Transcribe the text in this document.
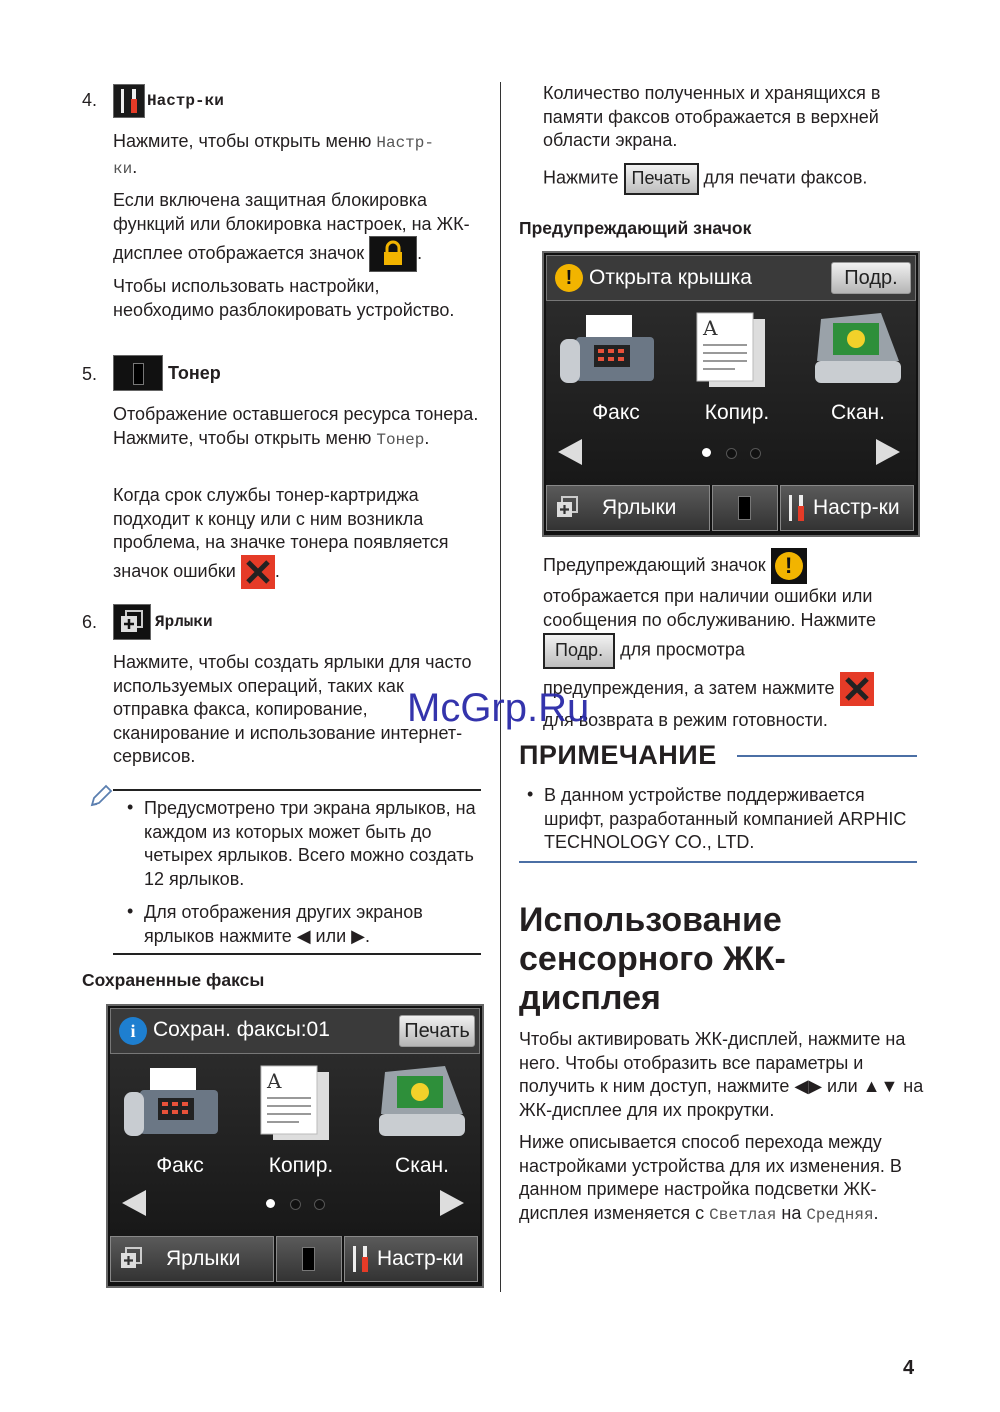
4.	Настр-ки
Нажмите, чтобы открыть меню Настр-
ки.
Если включена защитная блокировка функций или блокировка настроек, на ЖК-дисплее отображается значок	.
Чтобы использовать настройки, необходимо разблокировать устройство.
5.	Тонер
Отображение оставшегося ресурса тонера. Нажмите, чтобы открыть меню Тонер.
Когда срок службы тонер-картриджа подходит к концу или с ним возникла проблема, на значке тонера появляется значок ошибки .
6.	Ярлыки
Нажмите, чтобы создать ярлыки для часто используемых операций, таких как отправка факса, копирование, сканирование и использование интернет-сервисов.
• Предусмотрено три экрана ярлыков, на каждом из которых может быть до четырех ярлыков. Всего можно создать 12 ярлыков.
• Для отображения других экранов ярлыков нажмите ◀ или ▶.
Сохраненные факсы
i Сохран. факсы:01	Печать
A
Факс	Копир.	Скан.
Ярлыки	Настр-ки
Количество полученных и хранящихся в памяти факсов отображается в верхней области экрана.
Нажмите Печать для печати факсов.
Предупреждающий значок
! Открыта крышка	Подр.
A
Факс	Копир.	Скан.
Ярлыки	Настр-ки
Предупреждающий значок !
отображается при наличии ошибки или сообщения по обслуживанию. Нажмите
Подр. для просмотра
предупреждения, а затем нажмите
для возврата в режим готовности.
ПРИМЕЧАНИЕ
• В данном устройстве поддерживается шрифт, разработанный компанией ARPHIC TECHNOLOGY CO., LTD.
Использование сенсорного ЖК-дисплея
Чтобы активировать ЖК-дисплей, нажмите на него. Чтобы отобразить все параметры и получить к ним доступ, нажмите ◀▶ или ▲▼ на ЖК-дисплее для их прокрутки.
Ниже описывается способ перехода между настройками устройства для их изменения. В данном примере настройка подсветки ЖК-дисплея изменяется с Светлая на Средняя.
McGrp.Ru
4
